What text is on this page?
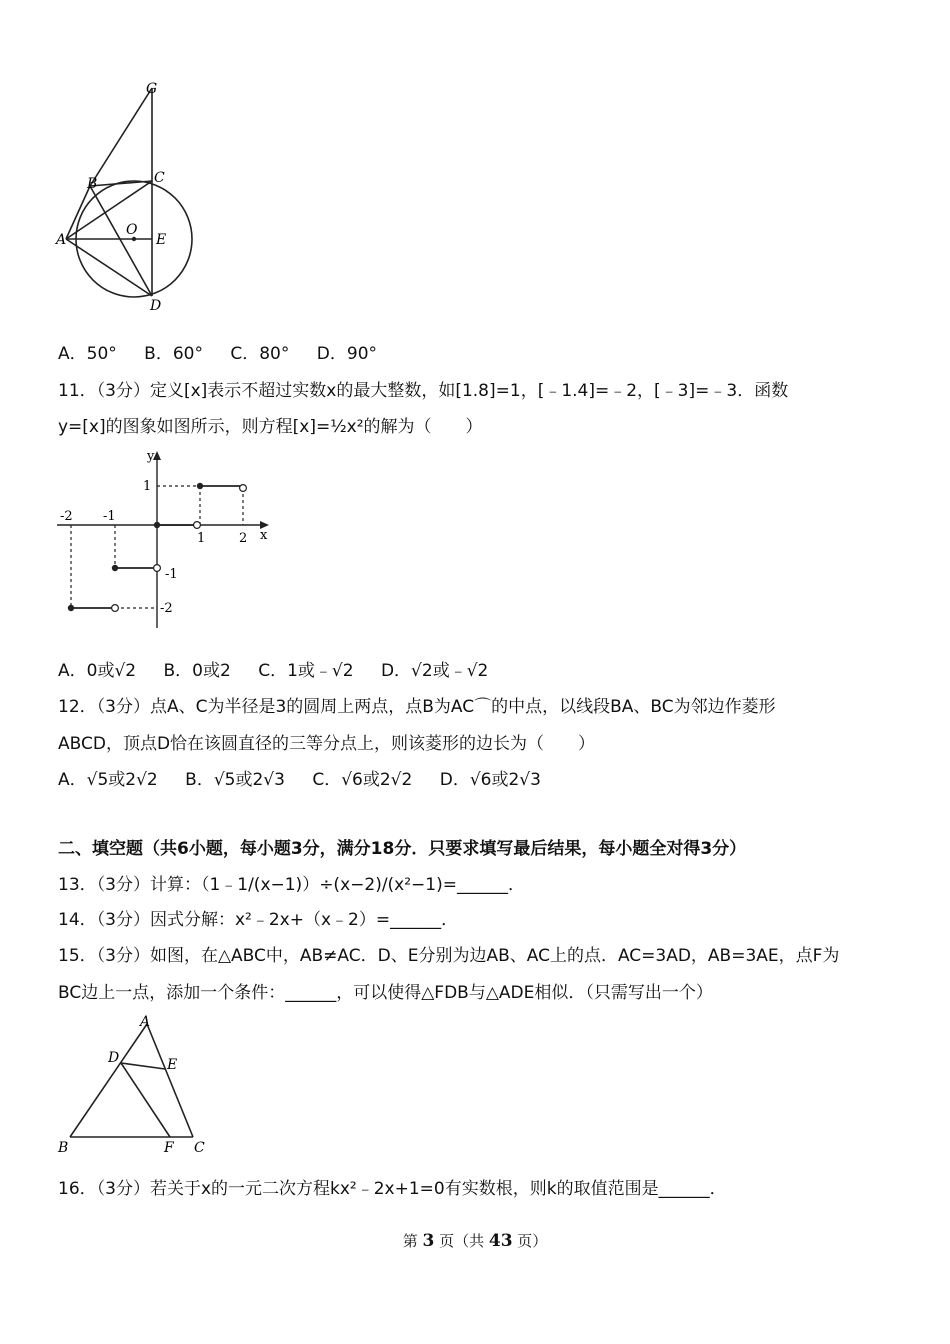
G
B	C
A
O
E
D
A．50° B．60° C．80° D．90°
11．（3分）定义[x]表示不超过实数x的最大整数，如[1.8]=1，[﹣1.4]=﹣2，[﹣3]=﹣3．函数
y=[x]的图象如图所示，则方程[x]=½x²的解为（　　）
y
x
1
-1
-2
1	2
-1
-2
A．0或√2 B．0或2 C．1或﹣√2 D．√2或﹣√2
12．（3分）点A、C为半径是3的圆周上两点，点B为AC⌒的中点，以线段BA、BC为邻边作菱形
ABCD，顶点D恰在该圆直径的三等分点上，则该菱形的边长为（　　）
A．√5或2√2 B．√5或2√3 C．√6或2√2 D．√6或2√3
二、填空题（共6小题，每小题3分，满分18分．只要求填写最后结果，每小题全对得3分）
13．（3分）计算：（1﹣1/(x−1)）÷(x−2)/(x²−1)=______．
14．（3分）因式分解：x²﹣2x+（x﹣2）=______．
15．（3分）如图，在△ABC中，AB≠AC．D、E分别为边AB、AC上的点．AC=3AD，AB=3AE，点F为
BC边上一点，添加一个条件：______，可以使得△FDB与△ADE相似．（只需写出一个）
A
D	E
B	F C
16．（3分）若关于x的一元二次方程kx²﹣2x+1=0有实数根，则k的取值范围是______．
第 3 页（共 43 页）
